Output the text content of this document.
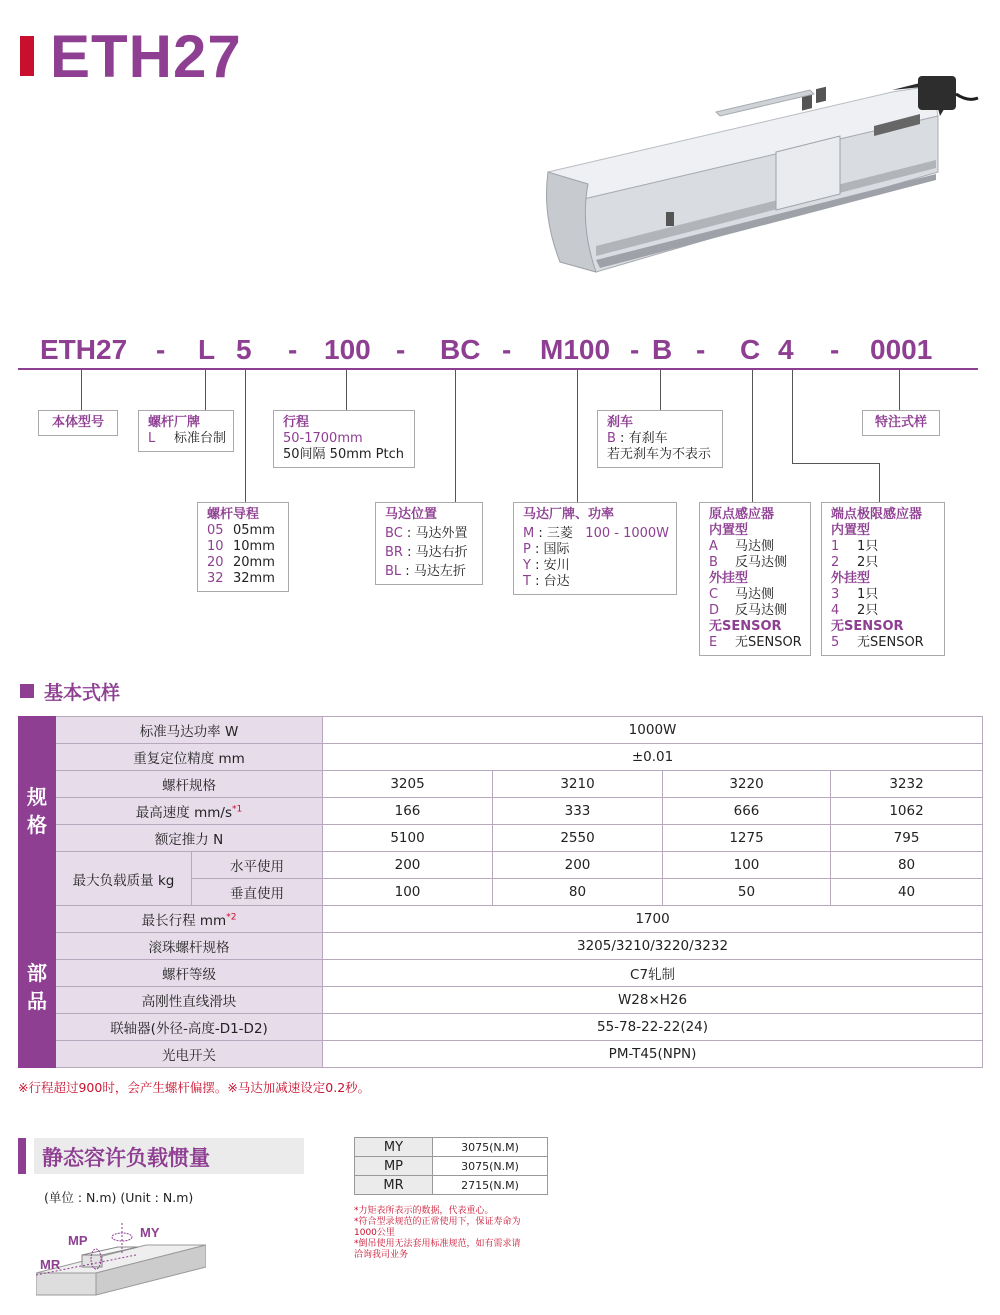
ETH27
ETH27 - L 5 - 100 - BC - M100 - B - C 4 - 0001
本体型号	螺杆厂牌
L	标准台制
行程
50-1700mm
50间隔 50mm Ptch
刹车
B : 有刹车
若无刹车为不表示
特注式样
螺杆导程
05 05mm
10 10mm
20 20mm
32 32mm
马达位置
BC : 马达外置
BR : 马达右折
BL : 马达左折
马达厂牌、功率
M : 三菱 100 - 1000W
P : 国际
Y : 安川
T : 台达
原点感应器
内置型
A	马达侧
B	反马达侧
外挂型
C	马达侧
D	反马达侧
无SENSOR
E	无SENSOR
端点极限感应器
内置型
1	1只
2	2只
外挂型
3	1只
4	2只
无SENSOR
5	无SENSOR
基本式样
规格	标准马达功率 W		1000W			
	重复定位精度 mm		±0.01			
	螺杆规格		3205	3210	3220	3232
	最高速度 $mm/s^{*1}$		166	333	666	1062
	额定推力 N		5100	2550	1275	795
	最大负载质量 kg	水平使用	200	200	100	80
		垂直使用	100	80	50	40
部品	最长行程 $mm^{*2}$		1700			
	滚珠螺杆规格		3205/3210/3220/3232			
	螺杆等级		C7轧制			
	高刚性直线滑块		W28×H26			
	联轴器(外径-高度-D1-D2)		55-78-22-22(24)			
	光电开关		PM-T45(NPN)			
※行程超过900时，会产生螺杆偏摆。※马达加减速设定0.2秒。
静态容许负载惯量
(单位 : N.m) (Unit : N.m)
MP
MY
MR
MY	3075(N.M)
MP	3075(N.M)
MR	2715(N.M)
*力矩表所表示的数据，代表重心。
*符合型录规范的正常使用下，保证寿命为
1000公里
*倒吊使用无法套用标准规范，如有需求请
洽询我司业务
